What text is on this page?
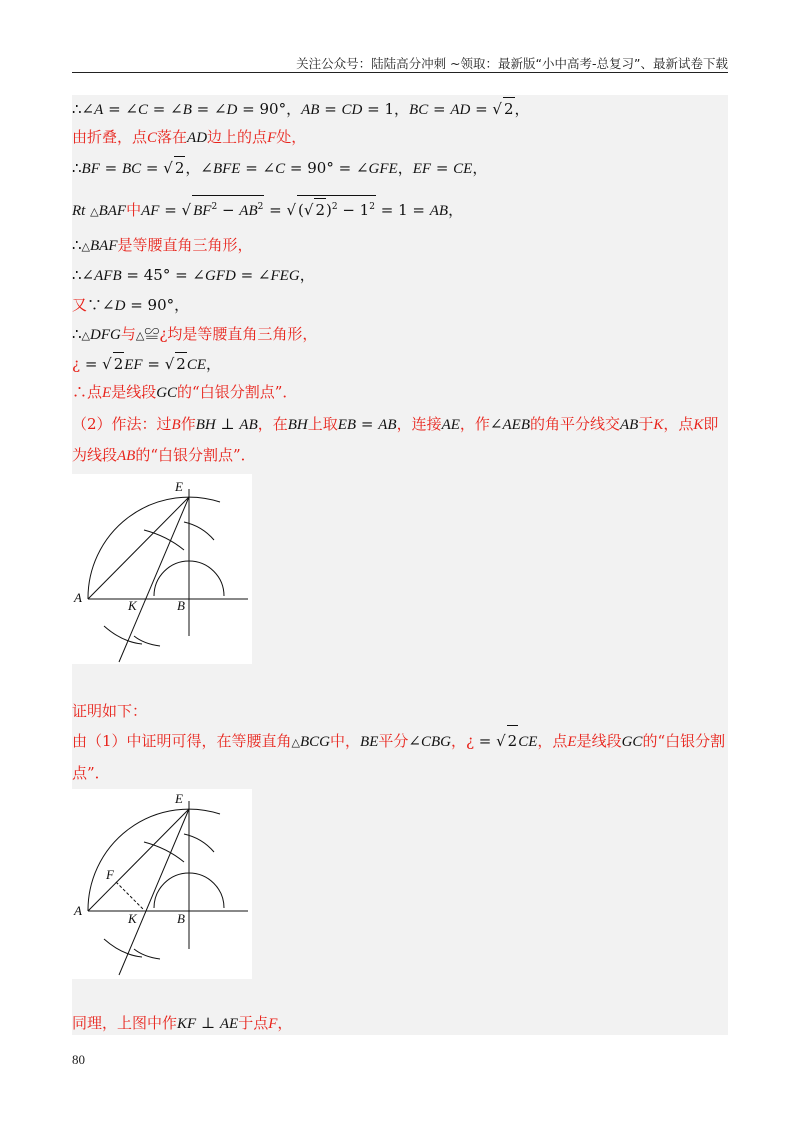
关注公众号：陆陆高分冲刺 ~领取：最新版“小中高考-总复习”、最新试卷下载
∴∠A = ∠C = ∠B = ∠D = 90°，AB = CD = 1，BC = AD = √ 2，
由折叠，点C落在AD边上的点F处，
∴BF = BC = √ 2，∠BFE = ∠C = 90° = ∠GFE，EF = CE，
Rt △BAF中AF = √ $BF^2 - AB^2$ = √ (√ $2)^2 - 1^2 = 1$ = AB，
∴△BAF是等腰直角三角形，
∴∠AFB = 45° = ∠GFD = ∠FEG，
又∵∠D = 90°，
∴△DFG与△≌¿均是等腰直角三角形，
¿ = √ 2EF = √ 2CE，
∴点E是线段GC的“白银分割点”．
（2）作法：过B作BH ⊥ AB，在BH上取EB = AB，连接AE，作∠AEB的角平分线交AB于K，点K即为线段AB的“白银分割点”．
E
A
K	B
证明如下：
由（1）中证明可得，在等腰直角△BCG中，BE平分∠CBG，¿ = √ 2CE，点E是线段GC的“白银分割点”．
E
A
K	B
F
同理，上图中作KF ⊥ AE于点F，
80
